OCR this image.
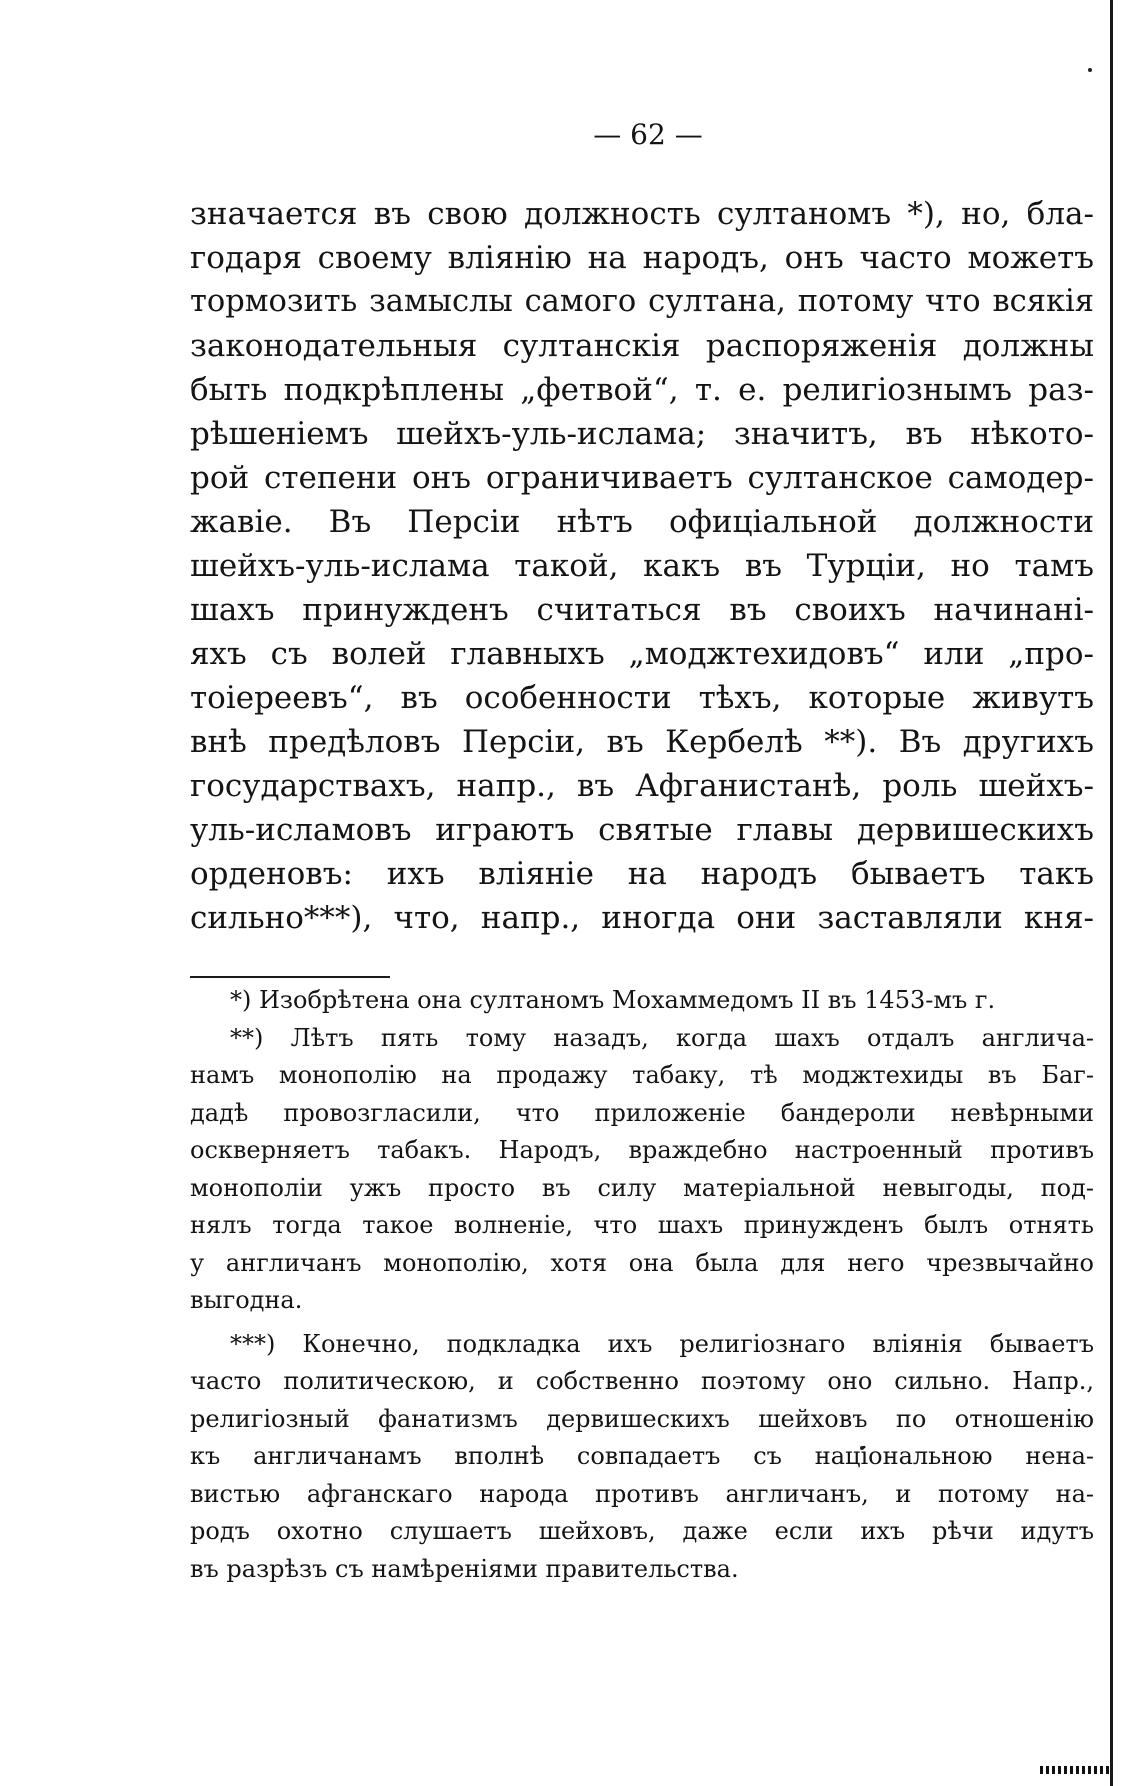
— 62 —
значается въ свою должность султаномъ *), но, бла-
годаря своему вліянію на народъ, онъ часто можетъ
тормозить замыслы самого султана, потому что всякія
законодательныя султанскія распоряженія должны
быть подкрѣплены „фетвой“, т. е. религіознымъ раз-
рѣшеніемъ шейхъ-уль-ислама; значитъ, въ нѣкото-
рой степени онъ ограничиваетъ султанское самодер-
жавіе. Въ Персіи нѣтъ офиціальной должности
шейхъ-уль-ислама такой, какъ въ Турціи, но тамъ
шахъ принужденъ считаться въ своихъ начинані-
яхъ съ волей главныхъ „моджтехидовъ“ или „про-
тоіереевъ“, въ особенности тѣхъ, которые живутъ
внѣ предѣловъ Персіи, въ Кербелѣ **). Въ другихъ
государствахъ, напр., въ Афганистанѣ, роль шейхъ-
уль-исламовъ играютъ святые главы дервишескихъ
орденовъ: ихъ вліяніе на народъ бываетъ такъ
сильно***), что, напр., иногда они заставляли кня-
*) Изобрѣтена она султаномъ Мохаммедомъ II въ 1453-мъ г.
**) Лѣтъ пять тому назадъ, когда шахъ отдалъ англича-
намъ монополію на продажу табаку, тѣ моджтехиды въ Баг-
дадѣ провозгласили, что приложеніе бандероли невѣрными
оскверняетъ табакъ. Народъ, враждебно настроенный противъ
монополіи ужъ просто въ силу матеріальной невыгоды, под-
нялъ тогда такое волненіе, что шахъ принужденъ былъ отнять
у англичанъ монополію, хотя она была для него чрезвычайно
выгодна.
***) Конечно, подкладка ихъ религіознаго вліянія бываетъ
часто политическою, и собственно поэтому оно сильно. Напр.,
религіозный фанатизмъ дервишескихъ шейховъ по отношенію
къ англичанамъ вполнѣ совпадаетъ съ національною нена-
вистью афганскаго народа противъ англичанъ, и потому на-
родъ охотно слушаетъ шейховъ, даже если ихъ рѣчи идутъ
въ разрѣзъ съ намѣреніями правительства.
